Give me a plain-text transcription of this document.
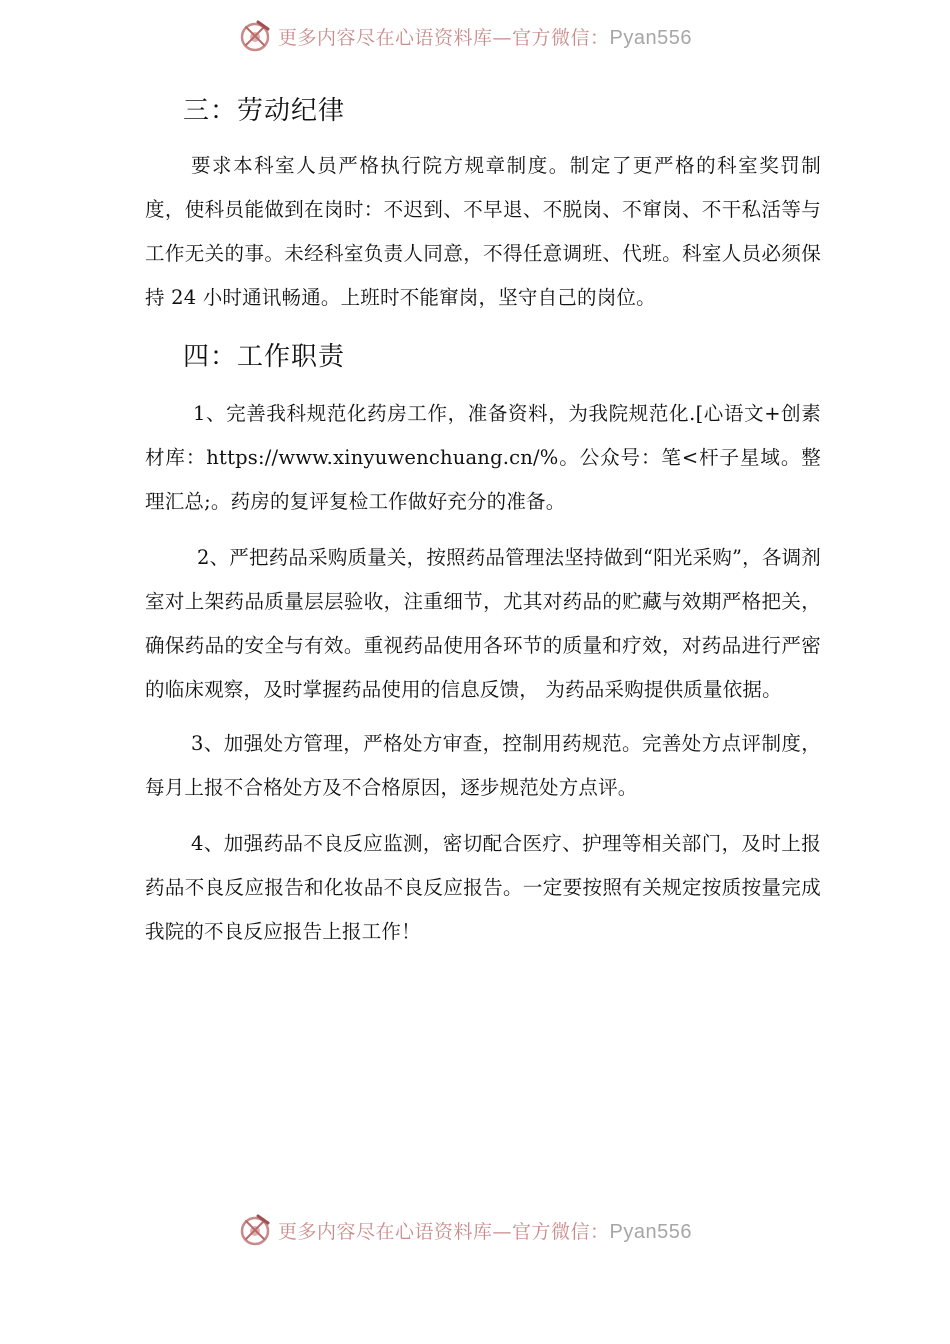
更多内容尽在心语资料库—官方微信：Pyan556
三：劳动纪律

要求本科室人员严格执行院方规章制度。制定了更严格的科室奖罚制度，使科员能做到在岗时：不迟到、不早退、不脱岗、不窜岗、不干私活等与工作无关的事。未经科室负责人同意，不得任意调班、代班。科室人员必须保持 24 小时通讯畅通。上班时不能窜岗，坚守自己的岗位。

四：工作职责

1、完善我科规范化药房工作，准备资料，为我院规范化.[心语文+创素材库：https://www.xinyuwenchuang.cn/%。公众号：笔<杆子星域。整理汇总;。药房的复评复检工作做好充分的准备。

2、严把药品采购质量关，按照药品管理法坚持做到“阳光采购”，各调剂室对上架药品质量层层验收，注重细节，尤其对药品的贮藏与效期严格把关，确保药品的安全与有效。重视药品使用各环节的质量和疗效，对药品进行严密的临床观察，及时掌握药品使用的信息反馈， 为药品采购提供质量依据。

3、加强处方管理，严格处方审查，控制用药规范。完善处方点评制度，每月上报不合格处方及不合格原因，逐步规范处方点评。

4、加强药品不良反应监测，密切配合医疗、护理等相关部门，及时上报药品不良反应报告和化妆品不良反应报告。一定要按照有关规定按质按量完成我院的不良反应报告上报工作！

更多内容尽在心语资料库—官方微信：Pyan556
